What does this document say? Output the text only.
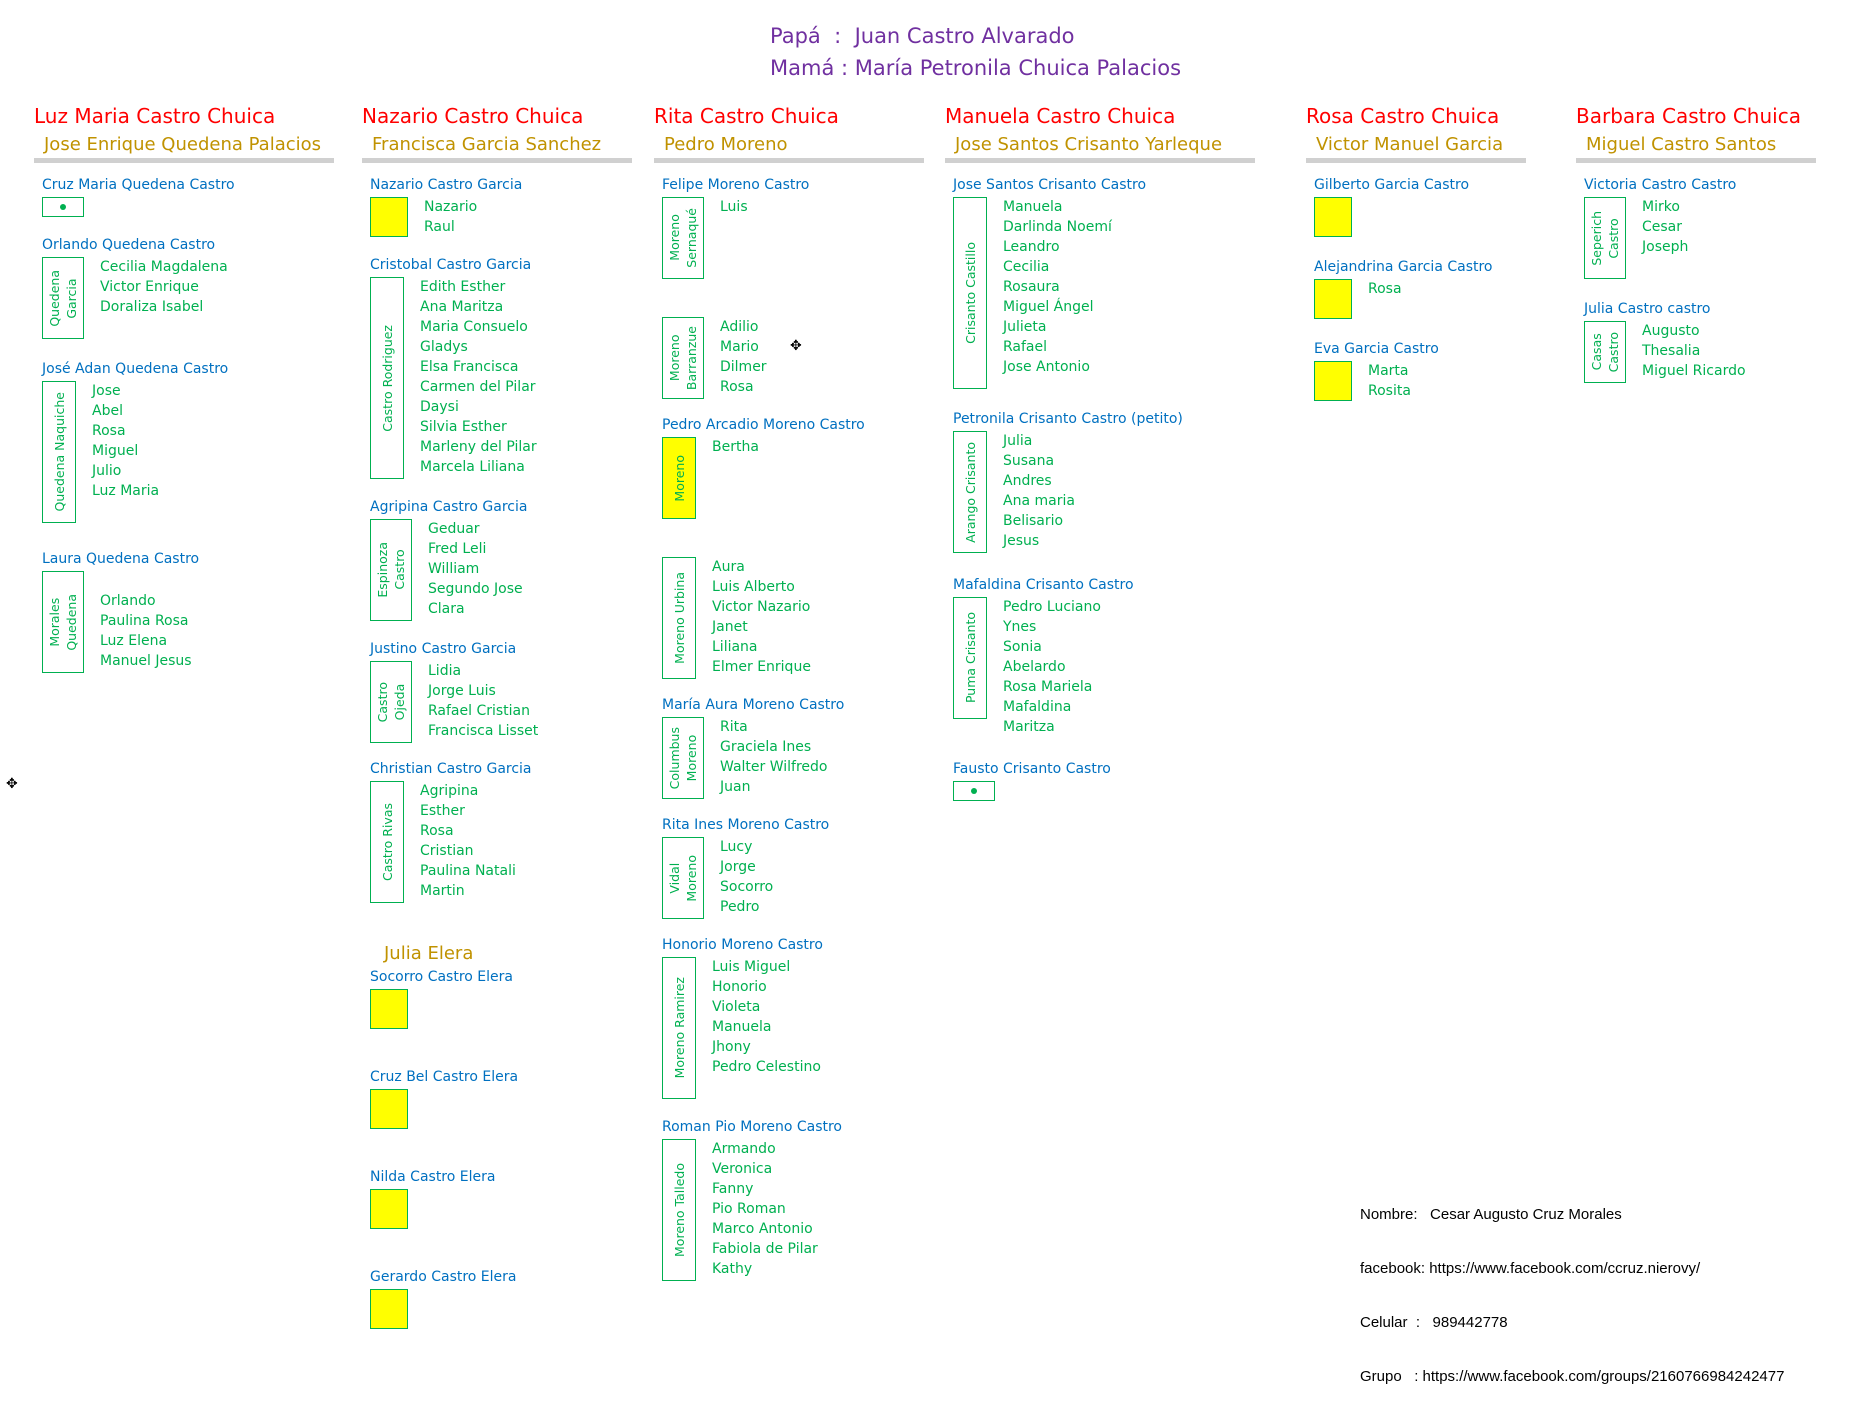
Papá  :  Juan Castro Alvarado
Mamá : María Petronila Chuica Palacios
Luz Maria Castro Chuica
Jose Enrique Quedena Palacios
Cruz Maria Quedena Castro
Orlando Quedena Castro
Quedena
Garcia
Cecilia Magdalena
Victor Enrique
Doraliza Isabel
José Adan Quedena Castro
Quedena Naquiche
Jose
Abel
Rosa
Miguel
Julio
Luz Maria
Laura Quedena Castro
Morales
Quedena Orlando
Paulina Rosa
Luz Elena
Manuel Jesus
Nazario Castro Chuica
Francisca Garcia Sanchez
Nazario Castro Garcia
Nazario
Raul
Cristobal Castro Garcia
Castro Rodriguez
Edith Esther
Ana Maritza
Maria Consuelo
Gladys
Elsa Francisca
Carmen del Pilar
Daysi
Silvia Esther
Marleny del Pilar
Marcela Liliana
Agripina Castro Garcia
Espinoza
Castro
Geduar
Fred Leli
William
Segundo Jose
Clara
Justino Castro Garcia
Castro
Ojeda
Lidia
Jorge Luis
Rafael Cristian
Francisca Lisset
Christian Castro Garcia
Castro Rivas
Agripina
Esther
Rosa
Cristian
Paulina Natali
Martin
Julia Elera
Socorro Castro Elera
Cruz Bel Castro Elera
Nilda Castro Elera
Gerardo Castro Elera
Rita Castro Chuica
Pedro Moreno
Felipe Moreno Castro
Moreno
Sernaqué
Luis
Moreno
Barranzue Adilio
Mario
Dilmer
Rosa
Pedro Arcadio Moreno Castro
Moreno
Bertha
Moreno Urbina
Aura
Luis Alberto
Victor Nazario
Janet
Liliana
Elmer Enrique
María Aura Moreno Castro
Columbus
Moreno
Rita
Graciela Ines
Walter Wilfredo
Juan
Rita Ines Moreno Castro
Vidal
Moreno
Lucy
Jorge
Socorro
Pedro
Honorio Moreno Castro
Moreno Ramirez
Luis Miguel
Honorio
Violeta
Manuela
Jhony
Pedro Celestino
Roman Pio Moreno Castro
Moreno Talledo
Armando
Veronica
Fanny
Pio Roman
Marco Antonio
Fabiola de Pilar
Kathy
Manuela Castro Chuica
Jose Santos Crisanto Yarleque
Jose Santos Crisanto Castro
Crisanto Castillo
Manuela
Darlinda Noemí
Leandro
Cecilia
Rosaura
Miguel Ángel
Julieta
Rafael
Jose Antonio
Petronila Crisanto Castro (petito)
Arango Crisanto
Julia
Susana
Andres
Ana maria
Belisario
Jesus
Mafaldina Crisanto Castro
Puma Crisanto
Pedro Luciano
Ynes
Sonia
Abelardo
Rosa Mariela
Mafaldina
Maritza
Fausto Crisanto Castro
Rosa Castro Chuica
Victor Manuel Garcia
Gilberto Garcia Castro
Alejandrina Garcia Castro
Rosa
Eva Garcia Castro
Marta
Rosita
Barbara Castro Chuica
Miguel Castro Santos
Victoria Castro Castro
Seperich
Castro
Mirko
Cesar
Joseph
Julia Castro castro
Casas
Castro
Augusto
Thesalia
Miguel Ricardo

Nombre:   Cesar Augusto Cruz Morales

facebook: https://www.facebook.com/ccruz.nierovy/

Celular  :   989442778

Grupo   : https://www.facebook.com/groups/2160766984242477

✥
✥
